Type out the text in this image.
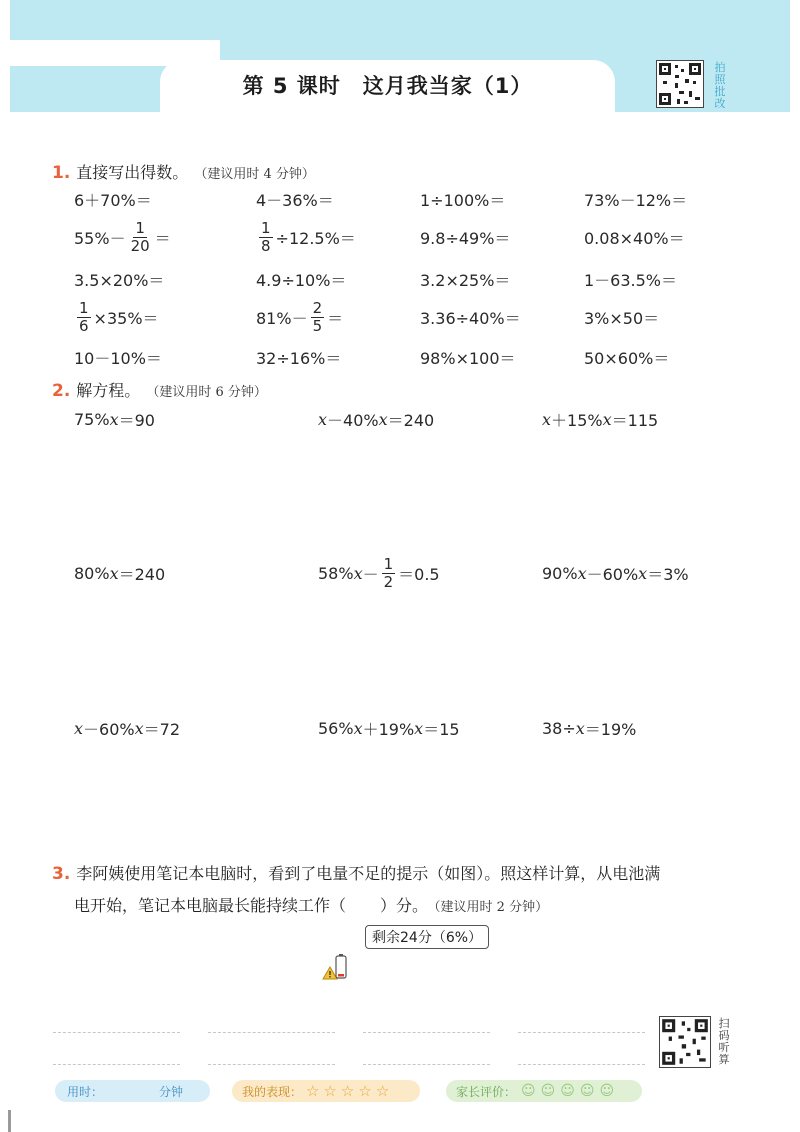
第 5 课时　这月我当家（1）
拍
照
批
改
1. 直接写出得数。 （建议用时 4 分钟）
6＋70%＝	4－36%＝	1÷100%＝	73%－12%＝
$55\%- \frac{1}{20}$ ＝	$\frac{1}{8} \div 12.5\%=$	9.8÷49%＝	0.08×40%＝
3.5×20%＝	4.9÷10%＝	3.2×25%＝	1－63.5%＝
$\frac{1}{6} \times 35\%=$	$81\%- \frac{2}{5}$ ＝	3.36÷40%＝	3%×50＝
10－10%＝	32÷16%＝	98%×100＝	50×60%＝
2. 解方程。 （建议用时 6 分钟）
75% x ＝90	x －40% x ＝240	x ＋15% x ＝115
80% x ＝240	58% $x - \frac{1}{2} =0.5$	90% x －60% x ＝3%
x －60% x ＝72	56% x ＋19% x ＝15	38÷ x ＝19%
3. 李阿姨使用笔记本电脑时，看到了电量不足的提示（如图）。照这样计算，从电池满
电开始，笔记本电脑最长能持续工作（ ）分。 （建议用时 2 分钟）
剩余24分（6%）
扫
码
听
算
用时：	分钟	我的表现： ☆ ☆ ☆ ☆ ☆	家长评价： ☺ ☺ ☺ ☺ ☺
